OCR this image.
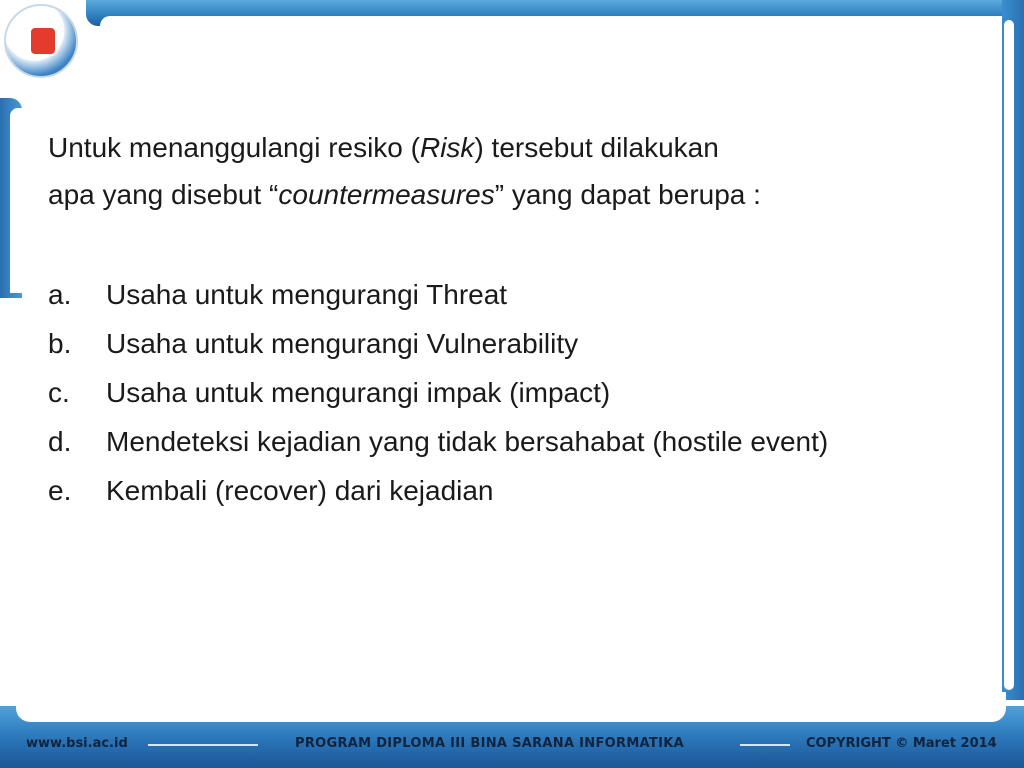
Untuk menanggulangi resiko (Risk) tersebut dilakukan
apa yang disebut “countermeasures” yang dapat berupa :
a.	Usaha untuk mengurangi Threat
b.	Usaha untuk mengurangi Vulnerability
c.	Usaha untuk mengurangi impak (impact)
d.	Mendeteksi kejadian yang tidak bersahabat (hostile event)
e.	Kembali (recover) dari kejadian
www.bsi.ac.id	PROGRAM DIPLOMA III BINA SARANA INFORMATIKA	COPYRIGHT © Maret 2014
